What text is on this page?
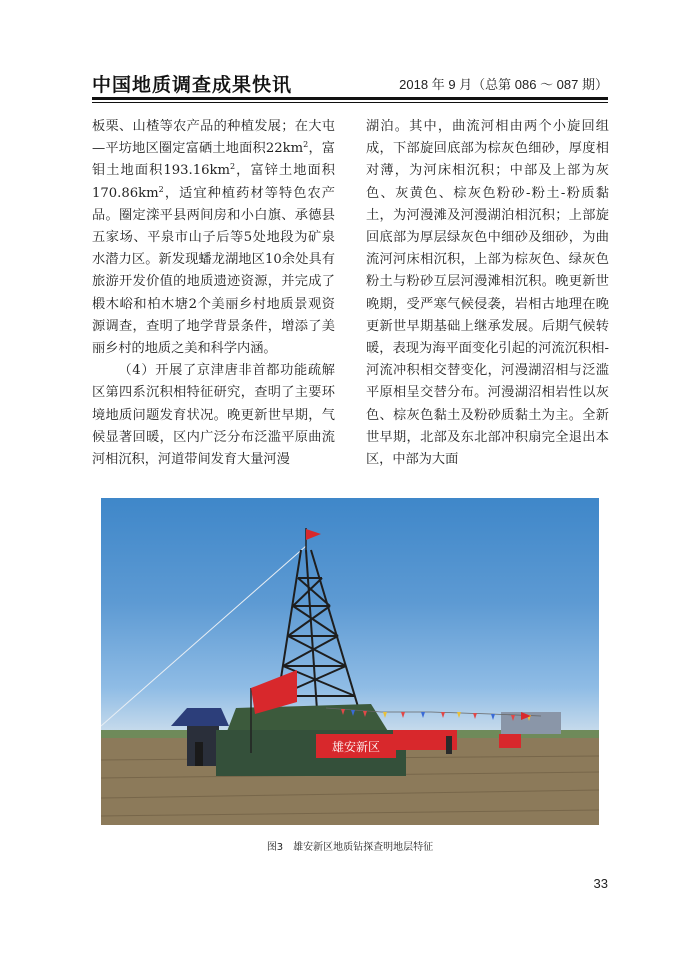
中国地质调查成果快讯	2018 年 9 月（总第 086 ～ 087 期）

板栗、山楂等农产品的种植发展；在大屯—平坊地区圈定富硒土地面积$22km^2$，富钼土地面积$193.16km^2$，富锌土地面积$170.86km^2$，适宜种植药材等特色农产品。圈定滦平县两间房和小白旗、承德县五家场、平泉市山子后等5处地段为矿泉水潜力区。新发现蟠龙湖地区10余处具有旅游开发价值的地质遗迹资源，并完成了椴木峪和柏木塘2个美丽乡村地质景观资源调查，查明了地学背景条件，增添了美丽乡村的地质之美和科学内涵。

（4）开展了京津唐非首都功能疏解区第四系沉积相特征研究，查明了主要环境地质问题发育状况。晚更新世早期，气候显著回暖，区内广泛分布泛滥平原曲流河相沉积，河道带间发育大量河漫

湖泊。其中，曲流河相由两个小旋回组成，下部旋回底部为棕灰色细砂，厚度相对薄，为河床相沉积；中部及上部为灰色、灰黄色、棕灰色粉砂-粉土-粉质黏土，为河漫滩及河漫湖泊相沉积；上部旋回底部为厚层绿灰色中细砂及细砂，为曲流河河床相沉积，上部为棕灰色、绿灰色粉土与粉砂互层河漫滩相沉积。晚更新世晚期，受严寒气候侵袭，岩相古地理在晚更新世早期基础上继承发展。后期气候转暖，表现为海平面变化引起的河流沉积相-河流冲积相交替变化，河漫湖沼相与泛滥平原相呈交替分布。河漫湖沼相岩性以灰色、棕灰色黏土及粉砂质黏土为主。全新世早期，北部及东北部冲积扇完全退出本区，中部为大面

雄安新区
图3　雄安新区地质钻探查明地层特征
33
